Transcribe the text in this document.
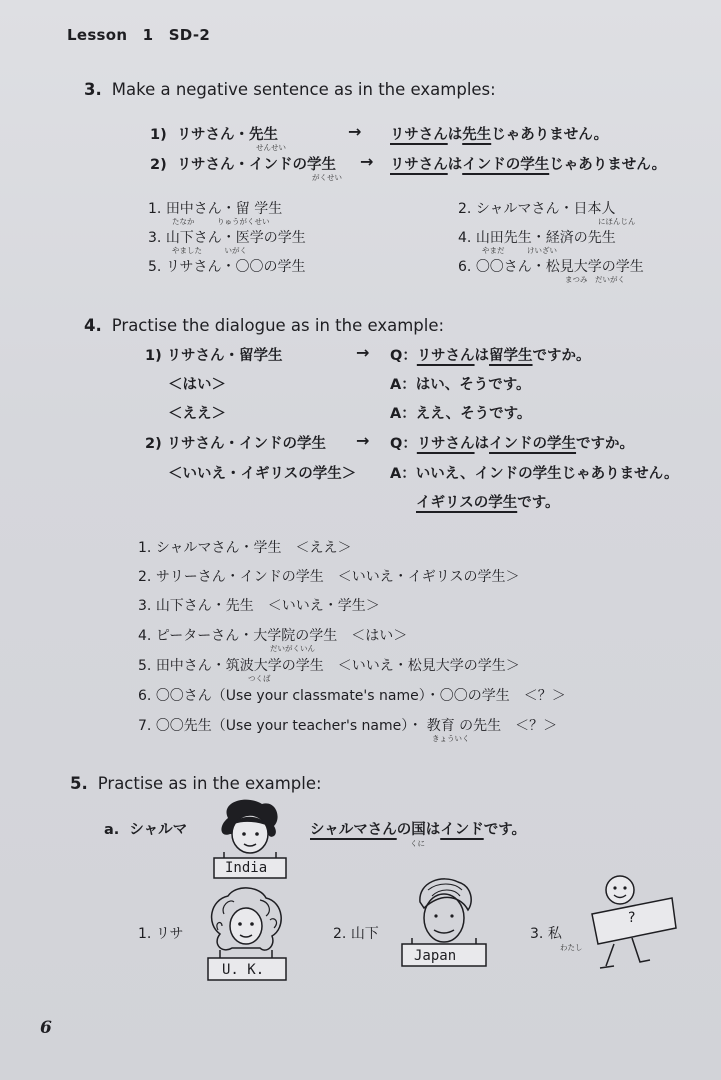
Lesson　1　SD-2
3. Make a negative sentence as in the examples:
1) リサさん・先生
せんせい
→ リサさんは先生じゃありません。
2) リサさん・インドの学生
がくせい
→ リサさんはインドの学生じゃありません。
1. 田中さん・留 学生
たなか　　　りゅうがくせい
2. シャルマさん・日本人
にほんじん
3. 山下さん・医学の学生
やました　　　いがく
4. 山田先生・経済の先生
やまだ　　　けいざい
5. リサさん・〇〇の学生	6. 〇〇さん・松見大学の学生
まつみ　だいがく
4. Practise the dialogue as in the example:
1) リサさん・留学生	→ Q：リサさんは留学生ですか。
＜はい＞	A：はい、そうです。
＜ええ＞	A：ええ、そうです。
2) リサさん・インドの学生 → Q：リサさんはインドの学生ですか。
＜いいえ・イギリスの学生＞ A：いいえ、インドの学生じゃありません。
イギリスの学生です。
1. シャルマさん・学生　＜ええ＞
2. サリーさん・インドの学生　＜いいえ・イギリスの学生＞
3. 山下さん・先生　＜いいえ・学生＞
4. ピーターさん・大学院の学生　＜はい＞
だいがくいん
5. 田中さん・筑波大学の学生　＜いいえ・松見大学の学生＞
つくば
6. 〇〇さん（Use your classmate's name）・〇〇の学生　＜？＞
7. 〇〇先生（Use your teacher's name）・ 教育 の先生　＜？＞
きょういく
5. Practise as in the example:
a. シャルマ
India
シャルマさんの国はインドです。
くに
1. リサ
U. K.
2. 山下
Japan
3. 私
わたし
?
6
